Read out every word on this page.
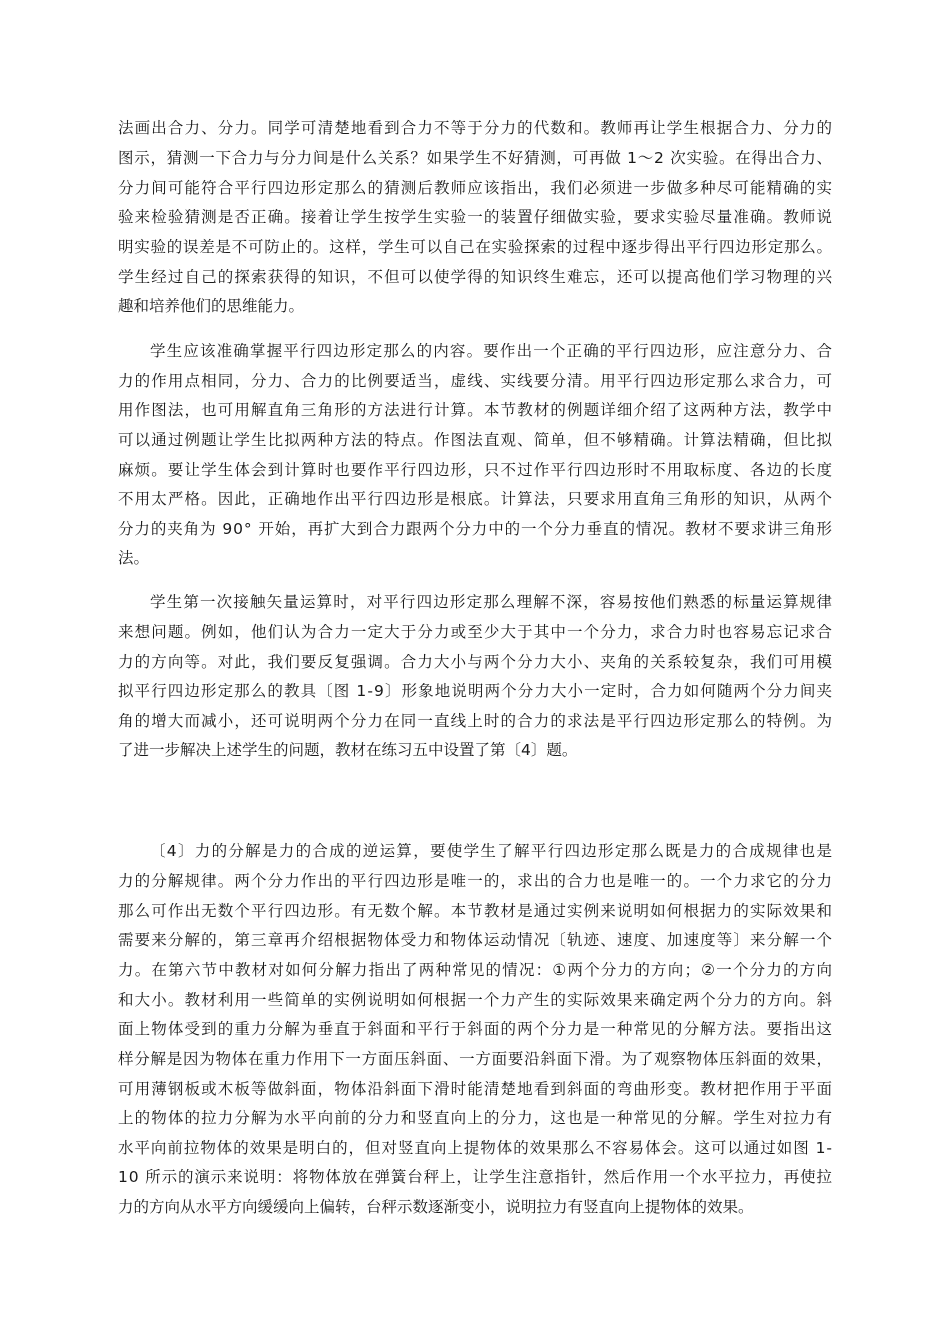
法画出合力、分力。同学可清楚地看到合力不等于分力的代数和。教师再让学生根据合力、分力的
图示，猜测一下合力与分力间是什么关系？如果学生不好猜测，可再做 1～2 次实验。在得出合力、
分力间可能符合平行四边形定那么的猜测后教师应该指出，我们必须进一步做多种尽可能精确的实
验来检验猜测是否正确。接着让学生按学生实验一的装置仔细做实验，要求实验尽量准确。教师说
明实验的误差是不可防止的。这样，学生可以自己在实验探索的过程中逐步得出平行四边形定那么。
学生经过自己的探索获得的知识，不但可以使学得的知识终生难忘，还可以提高他们学习物理的兴
趣和培养他们的思维能力。
学生应该准确掌握平行四边形定那么的内容。要作出一个正确的平行四边形，应注意分力、合
力的作用点相同，分力、合力的比例要适当，虚线、实线要分清。用平行四边形定那么求合力，可
用作图法，也可用解直角三角形的方法进行计算。本节教材的例题详细介绍了这两种方法，教学中
可以通过例题让学生比拟两种方法的特点。作图法直观、简单，但不够精确。计算法精确，但比拟
麻烦。要让学生体会到计算时也要作平行四边形，只不过作平行四边形时不用取标度、各边的长度
不用太严格。因此，正确地作出平行四边形是根底。计算法，只要求用直角三角形的知识，从两个
分力的夹角为 90° 开始，再扩大到合力跟两个分力中的一个分力垂直的情况。教材不要求讲三角形
法。
学生第一次接触矢量运算时，对平行四边形定那么理解不深，容易按他们熟悉的标量运算规律
来想问题。例如，他们认为合力一定大于分力或至少大于其中一个分力，求合力时也容易忘记求合
力的方向等。对此，我们要反复强调。合力大小与两个分力大小、夹角的关系较复杂，我们可用模
拟平行四边形定那么的教具〔图 1-9〕形象地说明两个分力大小一定时，合力如何随两个分力间夹
角的增大而减小，还可说明两个分力在同一直线上时的合力的求法是平行四边形定那么的特例。为
了进一步解决上述学生的问题，教材在练习五中设置了第〔4〕题。
〔4〕力的分解是力的合成的逆运算，要使学生了解平行四边形定那么既是力的合成规律也是
力的分解规律。两个分力作出的平行四边形是唯一的，求出的合力也是唯一的。一个力求它的分力
那么可作出无数个平行四边形。有无数个解。本节教材是通过实例来说明如何根据力的实际效果和
需要来分解的，第三章再介绍根据物体受力和物体运动情况〔轨迹、速度、加速度等〕来分解一个
力。在第六节中教材对如何分解力指出了两种常见的情况：①两个分力的方向；②一个分力的方向
和大小。教材利用一些简单的实例说明如何根据一个力产生的实际效果来确定两个分力的方向。斜
面上物体受到的重力分解为垂直于斜面和平行于斜面的两个分力是一种常见的分解方法。要指出这
样分解是因为物体在重力作用下一方面压斜面、一方面要沿斜面下滑。为了观察物体压斜面的效果，
可用薄钢板或木板等做斜面，物体沿斜面下滑时能清楚地看到斜面的弯曲形变。教材把作用于平面
上的物体的拉力分解为水平向前的分力和竖直向上的分力，这也是一种常见的分解。学生对拉力有
水平向前拉物体的效果是明白的，但对竖直向上提物体的效果那么不容易体会。这可以通过如图 1-
10 所示的演示来说明：将物体放在弹簧台秤上，让学生注意指针，然后作用一个水平拉力，再使拉
力的方向从水平方向缓缓向上偏转，台秤示数逐渐变小，说明拉力有竖直向上提物体的效果。
